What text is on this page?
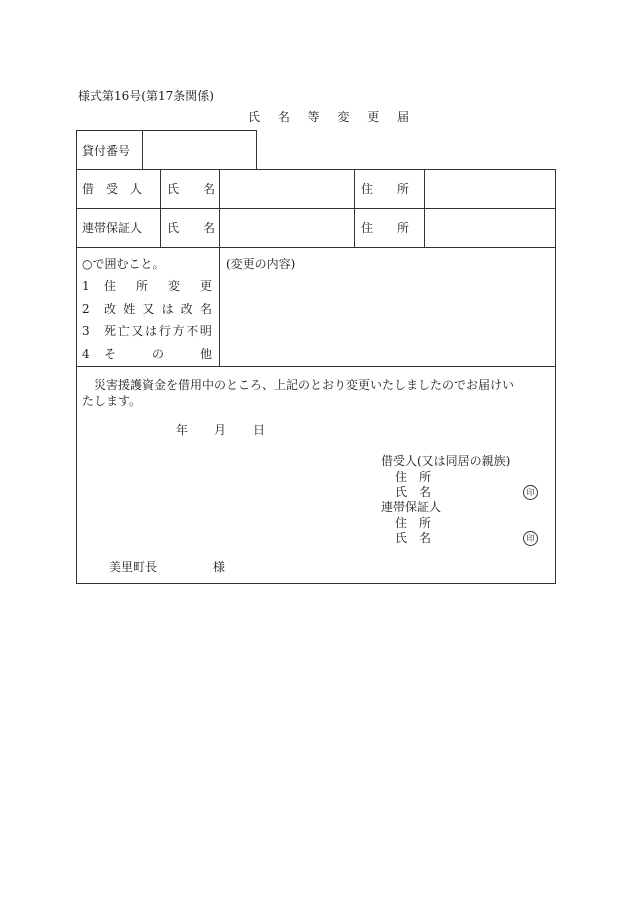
様式第16号(第17条関係)
氏 名 等 変 更 届
貸付番号
借　受　人 氏　　名	住　　所
連帯保証人 氏　　名	住　　所
○で囲むこと。
1 住 所 変 更
2 改 姓 又 は 改 名
3 死 亡 又 は 行 方 不 明
4 そ	の	他
(変更の内容)
災害援護資金を借用中のところ、上記のとおり変更いたしましたのでお届けい
たします。
年 月 日
借受人(又は同居の親族)
住　所
氏　名	印
連帯保証人
住　所
氏　名	印
美里町長	様
